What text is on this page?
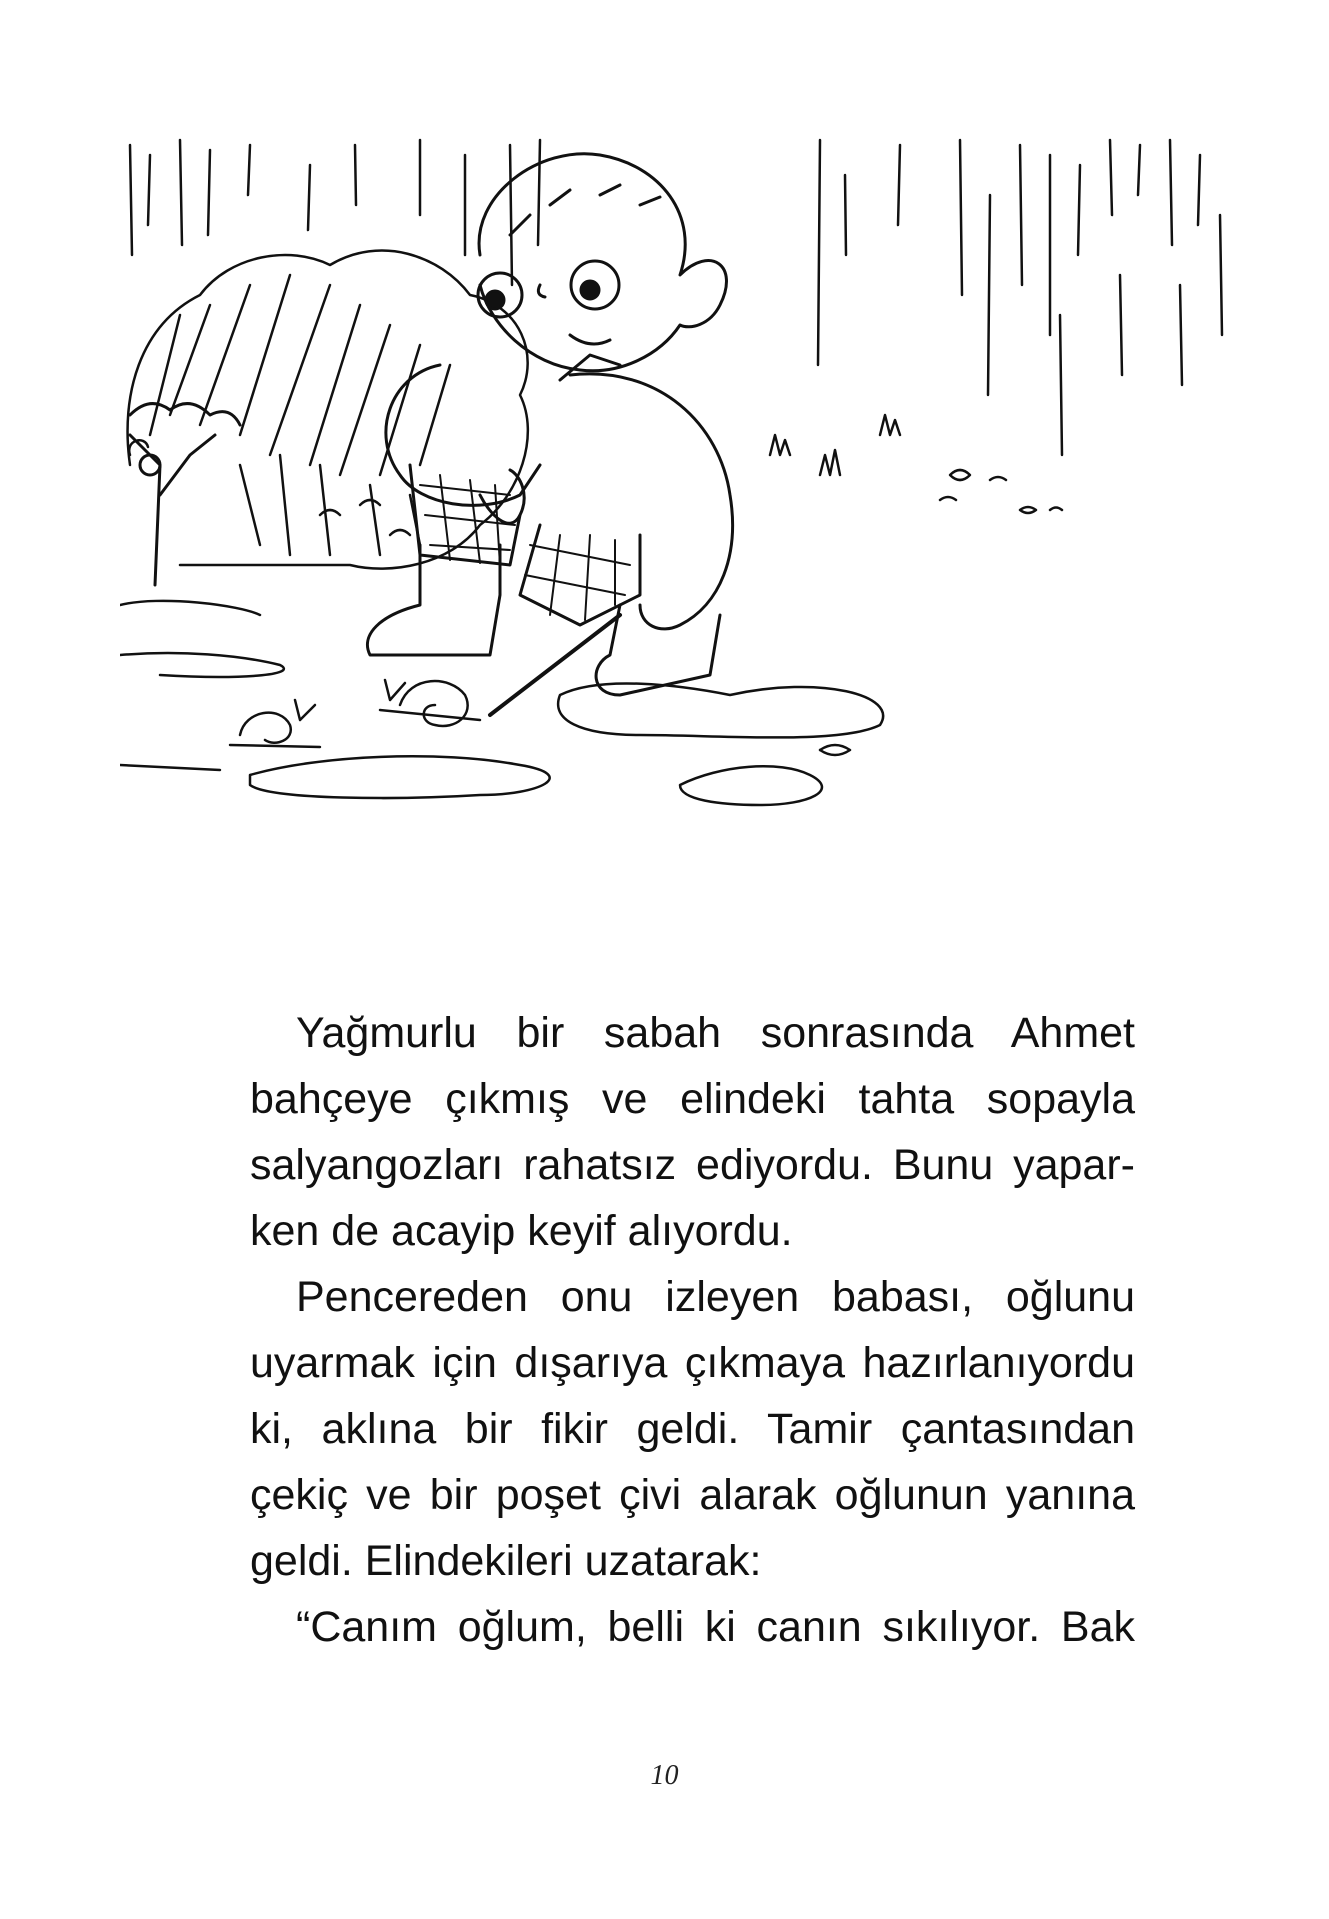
Yağmurlu bir sabah sonrasında Ahmet bahçeye çıkmış ve elindeki tahta sopayla salyangozları rahatsız ediyordu. Bunu yaparken de acayip keyif alıyordu.

Pencereden onu izleyen babası, oğlunu uyarmak için dışarıya çıkmaya hazırlanıyordu ki, aklına bir fikir geldi. Tamir çantasından çekiç ve bir poşet çivi alarak oğlunun yanına geldi. Elindekileri uzatarak:

“Canım oğlum, belli ki canın sıkılıyor. Bak

10
